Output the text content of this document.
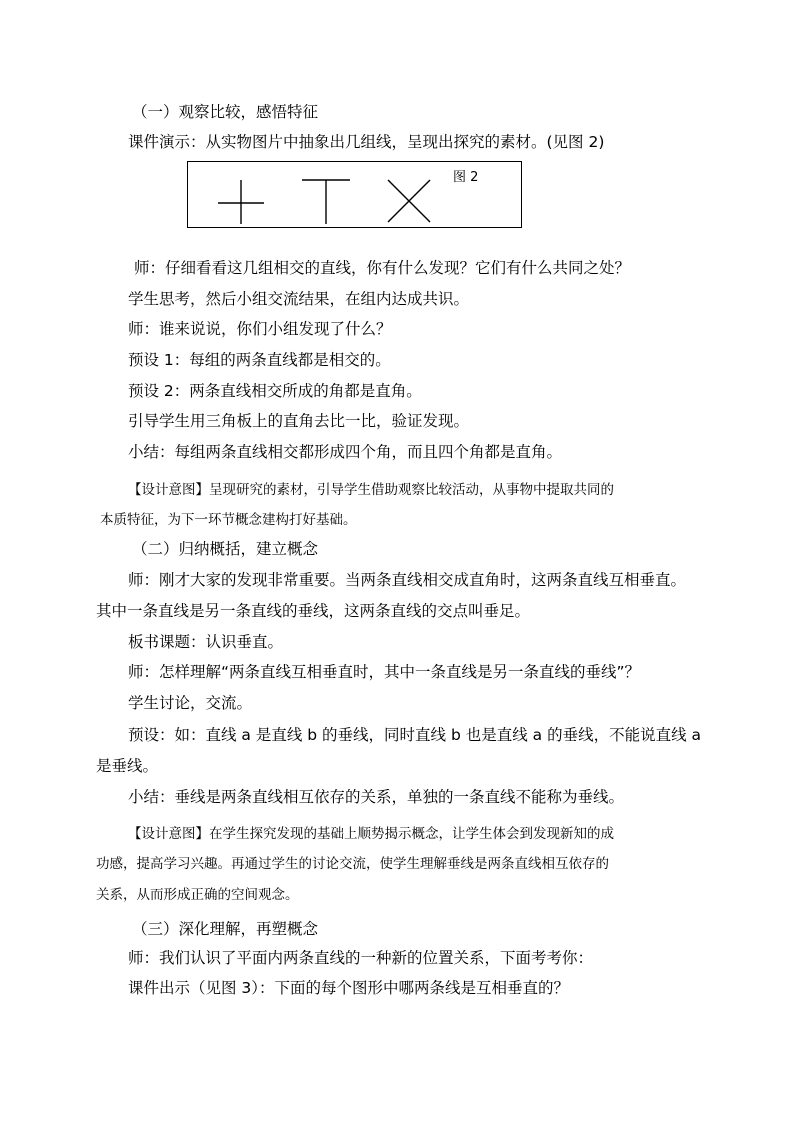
（一）观察比较，感悟特征
课件演示：从实物图片中抽象出几组线，呈现出探究的素材。(见图 2)
图 2
师：仔细看看这几组相交的直线，你有什么发现？它们有什么共同之处？
学生思考，然后小组交流结果，在组内达成共识。
师：谁来说说，你们小组发现了什么？
预设 1：每组的两条直线都是相交的。
预设 2：两条直线相交所成的角都是直角。
引导学生用三角板上的直角去比一比，验证发现。
小结：每组两条直线相交都形成四个角，而且四个角都是直角。
【设计意图】呈现研究的素材，引导学生借助观察比较活动，从事物中提取共同的
本质特征，为下一环节概念建构打好基础。
（二）归纳概括，建立概念
师：刚才大家的发现非常重要。当两条直线相交成直角时，这两条直线互相垂直。
其中一条直线是另一条直线的垂线，这两条直线的交点叫垂足。
板书课题：认识垂直。
师：怎样理解“两条直线互相垂直时，其中一条直线是另一条直线的垂线”？
学生讨论，交流。
预设：如：直线 a 是直线 b 的垂线，同时直线 b 也是直线 a 的垂线，不能说直线 a
是垂线。
小结：垂线是两条直线相互依存的关系，单独的一条直线不能称为垂线。
【设计意图】在学生探究发现的基础上顺势揭示概念，让学生体会到发现新知的成
功感，提高学习兴趣。再通过学生的讨论交流，使学生理解垂线是两条直线相互依存的
关系，从而形成正确的空间观念。
（三）深化理解，再塑概念
师：我们认识了平面内两条直线的一种新的位置关系，下面考考你：
课件出示（见图 3）：下面的每个图形中哪两条线是互相垂直的？
